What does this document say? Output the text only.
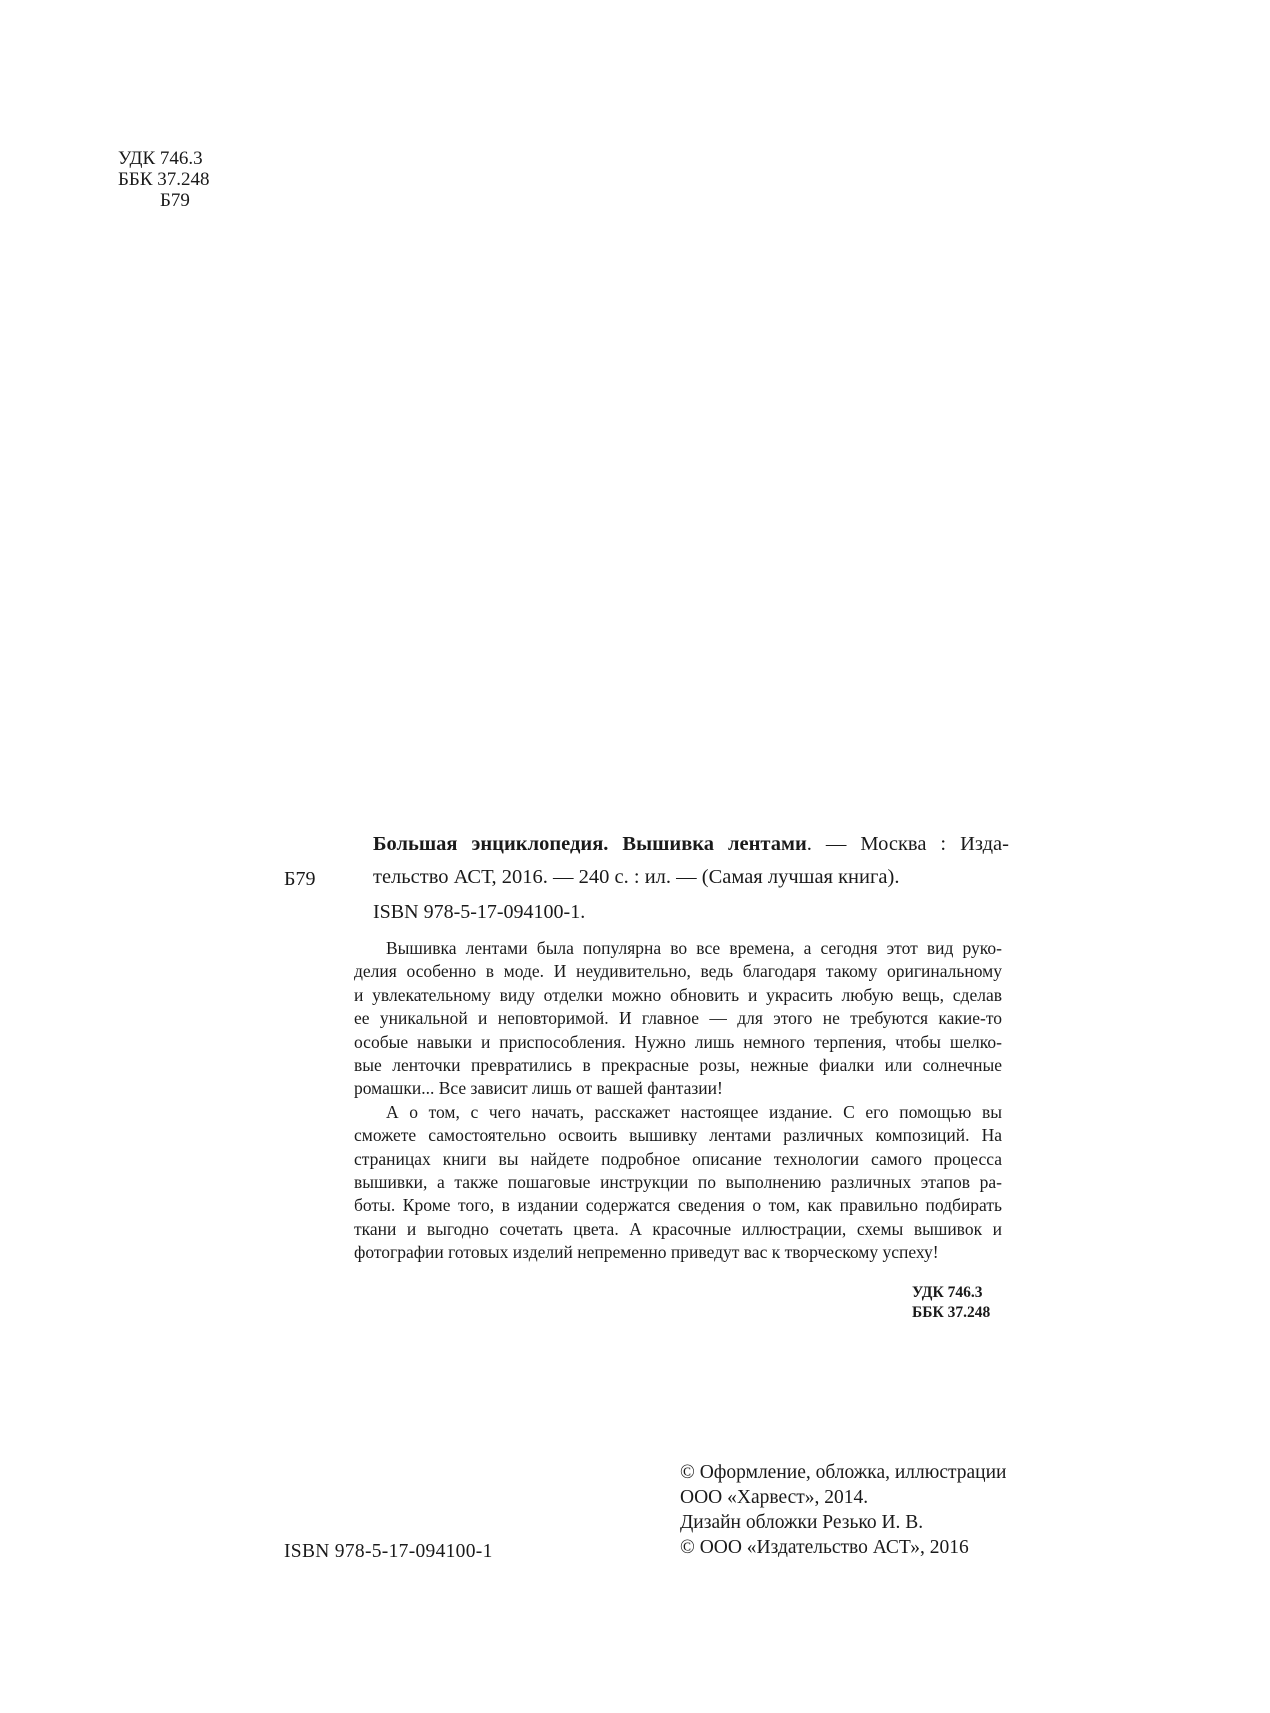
УДК 746.3
ББК 37.248
Б79
Б79
Большая энциклопедия. Вышивка лентами. — Москва : Изда-
тельство АСТ, 2016. — 240 с. : ил. — (Самая лучшая книга).
ISBN 978-5-17-094100-1.
Вышивка лентами была популярна во все времена, а сегодня этот вид руко-
делия особенно в моде. И неудивительно, ведь благодаря такому оригинальному
и увлекательному виду отделки можно обновить и украсить любую вещь, сделав
ее уникальной и неповторимой. И главное — для этого не требуются какие-то
особые навыки и приспособления. Нужно лишь немного терпения, чтобы шелко-
вые ленточки превратились в прекрасные розы, нежные фиалки или солнечные
ромашки... Все зависит лишь от вашей фантазии!
А о том, с чего начать, расскажет настоящее издание. С его помощью вы
сможете самостоятельно освоить вышивку лентами различных композиций. На
страницах книги вы найдете подробное описание технологии самого процесса
вышивки, а также пошаговые инструкции по выполнению различных этапов ра-
боты. Кроме того, в издании содержатся сведения о том, как правильно подбирать
ткани и выгодно сочетать цвета. А красочные иллюстрации, схемы вышивок и
фотографии готовых изделий непременно приведут вас к творческому успеху!
УДК 746.3
ББК 37.248
© Оформление, обложка, иллюстрации
ООО «Харвест», 2014.
Дизайн обложки Резько И. В.
© ООО «Издательство АСТ», 2016
ISBN 978-5-17-094100-1
